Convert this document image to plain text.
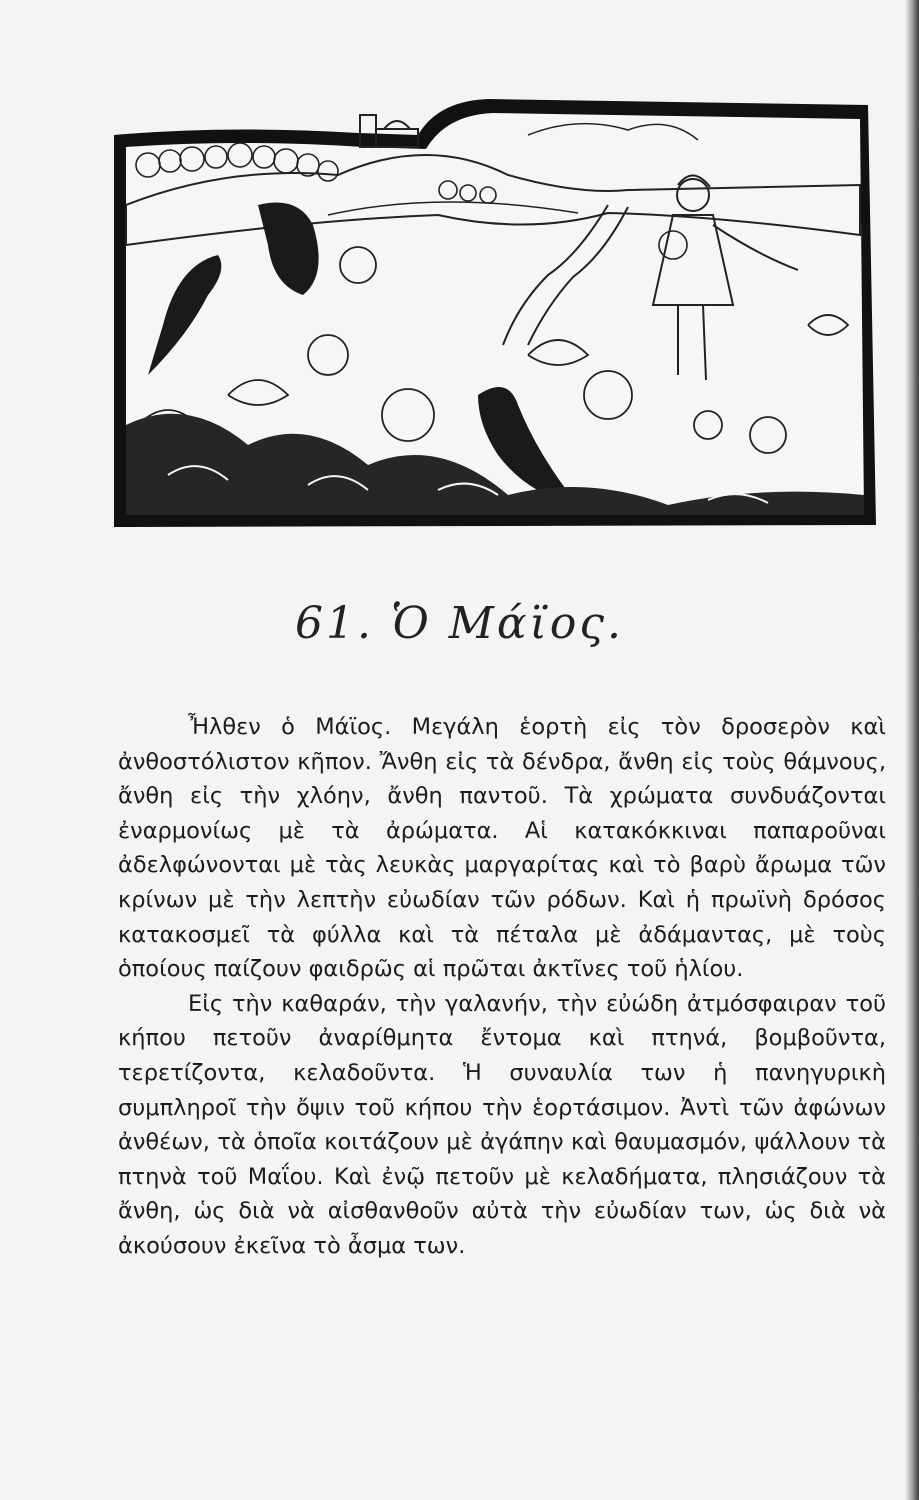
61. Ὁ Μάϊος.

Ἦλθεν ὁ Μάϊος. Μεγάλη ἑορτὴ εἰς τὸν δροσερὸν καὶ ἀνθοστόλιστον κῆπον. Ἄνθη εἰς τὰ δένδρα, ἄνθη εἰς τοὺς θάμνους, ἄνθη εἰς τὴν χλόην, ἄνθη παντοῦ. Τὰ χρώματα συνδυάζονται ἐναρμονίως μὲ τὰ ἀρώματα. Αἱ κατακόκκιναι παπαροῦναι ἀδελφώνονται μὲ τὰς λευκὰς μαργαρίτας καὶ τὸ βαρὺ ἄρωμα τῶν κρίνων μὲ τὴν λεπτὴν εὐωδίαν τῶν ρόδων. Καὶ ἡ πρωϊνὴ δρόσος κατακοσμεῖ τὰ φύλλα καὶ τὰ πέταλα μὲ ἀδάμαντας, μὲ τοὺς ὁποίους παίζουν φαιδρῶς αἱ πρῶται ἀκτῖνες τοῦ ἡλίου.

Εἰς τὴν καθαράν, τὴν γαλανήν, τὴν εὐώδη ἀτμόσφαιραν τοῦ κήπου πετοῦν ἀναρίθμητα ἔντομα καὶ πτηνά, βομβοῦντα, τερετίζοντα, κελαδοῦντα. Ἡ συναυλία των ἡ πανηγυρικὴ συμπληροῖ τὴν ὄψιν τοῦ κήπου τὴν ἑορτάσιμον. Ἀντὶ τῶν ἀφώνων ἀνθέων, τὰ ὁποῖα κοιτάζουν μὲ ἀγάπην καὶ θαυμασμόν, ψάλλουν τὰ πτηνὰ τοῦ Μαΐου. Καὶ ἐνῷ πετοῦν μὲ κελαδήματα, πλησιάζουν τὰ ἄνθη, ὡς διὰ νὰ αἰσθανθοῦν αὐτὰ τὴν εὐωδίαν των, ὡς διὰ νὰ ἀκούσουν ἐκεῖνα τὸ ἆσμα των.
